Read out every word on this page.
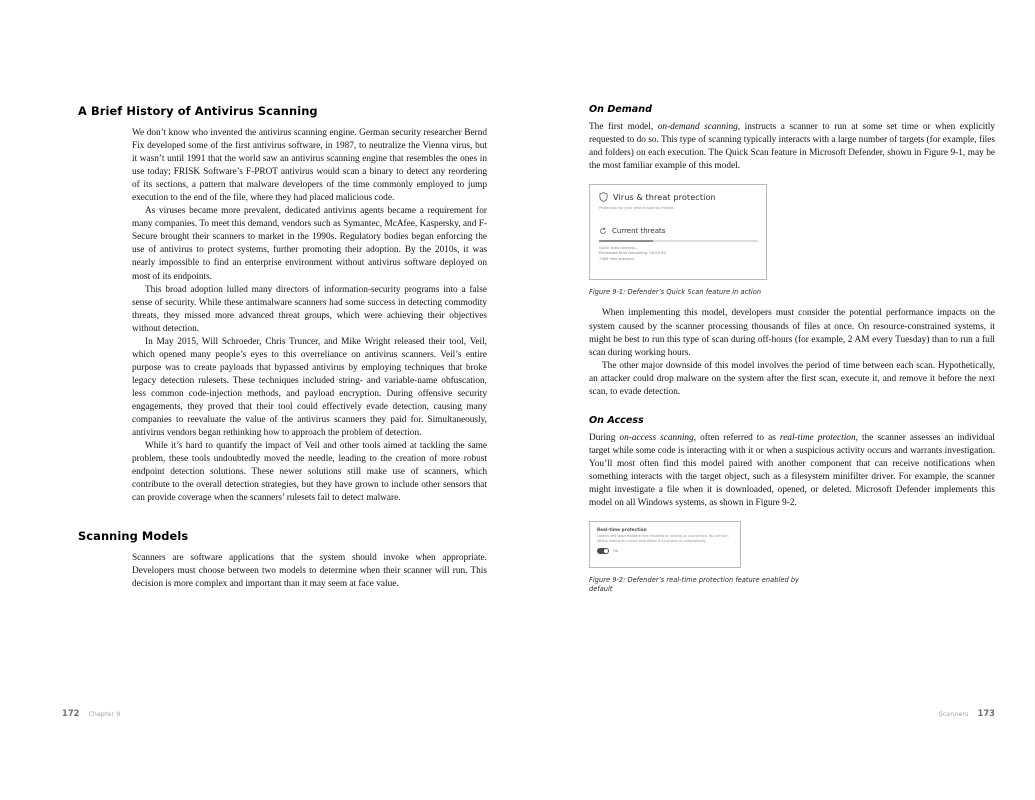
A Brief History of Antivirus Scanning

We don’t know who invented the antivirus scanning engine. German security researcher Bernd Fix developed some of the first antivirus software, in 1987, to neutralize the Vienna virus, but it wasn’t until 1991 that the world saw an antivirus scanning engine that resembles the ones in use today; FRISK Software’s F-PROT antivirus would scan a binary to detect any reordering of its sections, a pattern that malware developers of the time commonly employed to jump execution to the end of the file, where they had placed malicious code.

As viruses became more prevalent, dedicated antivirus agents became a requirement for many companies. To meet this demand, vendors such as Symantec, McAfee, Kaspersky, and F-Secure brought their scanners to market in the 1990s. Regulatory bodies began enforcing the use of antivirus to protect systems, further promoting their adoption. By the 2010s, it was nearly impossible to find an enterprise environment without antivirus software deployed on most of its endpoints.

This broad adoption lulled many directors of information-security programs into a false sense of security. While these antimalware scanners had some success in detecting commodity threats, they missed more advanced threat groups, which were achieving their objectives without detection.

In May 2015, Will Schroeder, Chris Truncer, and Mike Wright released their tool, Veil, which opened many people’s eyes to this overreliance on antivirus scanners. Veil’s entire purpose was to create payloads that bypassed antivirus by employing techniques that broke legacy detection rulesets. These techniques included string- and variable-name obfuscation, less common code-injection methods, and payload encryption. During offensive security engagements, they proved that their tool could effectively evade detection, causing many companies to reevaluate the value of the antivirus scanners they paid for. Simultaneously, antivirus vendors began rethinking how to approach the problem of detection.

While it’s hard to quantify the impact of Veil and other tools aimed at tackling the same problem, these tools undoubtedly moved the needle, leading to the creation of more robust endpoint detection solutions. These newer solutions still make use of scanners, which contribute to the overall detection strategies, but they have grown to include other sensors that can provide coverage when the scanners’ rulesets fail to detect malware.

Scanning Models

Scanners are software applications that the system should invoke when appropriate. Developers must choose between two models to determine when their scanner will run. This decision is more complex and important than it may seem at face value.

172 Chapter 9
On Demand

The first model, on-demand scanning, instructs a scanner to run at some set time or when explicitly requested to do so. This type of scanning typically interacts with a large number of targets (for example, files and folders) on each execution. The Quick Scan feature in Microsoft Defender, shown in Figure 9-1, may be the most familiar example of this model.

Virus & threat protection
Protection for your device against threats.
Current threats
Quick scan running...
Estimated time remaining: 00:00:40
7385 files scanned
Figure 9-1: Defender’s Quick Scan feature in action

When implementing this model, developers must consider the potential performance impacts on the system caused by the scanner processing thousands of files at once. On resource-constrained systems, it might be best to run this type of scan during off-hours (for example, 2 AM every Tuesday) than to run a full scan during working hours.

The other major downside of this model involves the period of time between each scan. Hypothetically, an attacker could drop malware on the system after the first scan, execute it, and remove it before the next scan, to evade detection.

On Access

During on-access scanning, often referred to as real-time protection, the scanner assesses an individual target while some code is interacting with it or when a suspicious activity occurs and warrants investigation. You’ll most often find this model paired with another component that can receive notifications when something interacts with the target object, such as a filesystem minifilter driver. For example, the scanner might investigate a file when it is downloaded, opened, or deleted. Microsoft Defender implements this model on all Windows systems, as shown in Figure 9-2.

Real-time protection
Locates and stops malware from installing or running on your device. You can turn off this setting for a short time before it turns back on automatically.
On
Figure 9-2: Defender’s real-time protection feature enabled by default
Scanners 173
